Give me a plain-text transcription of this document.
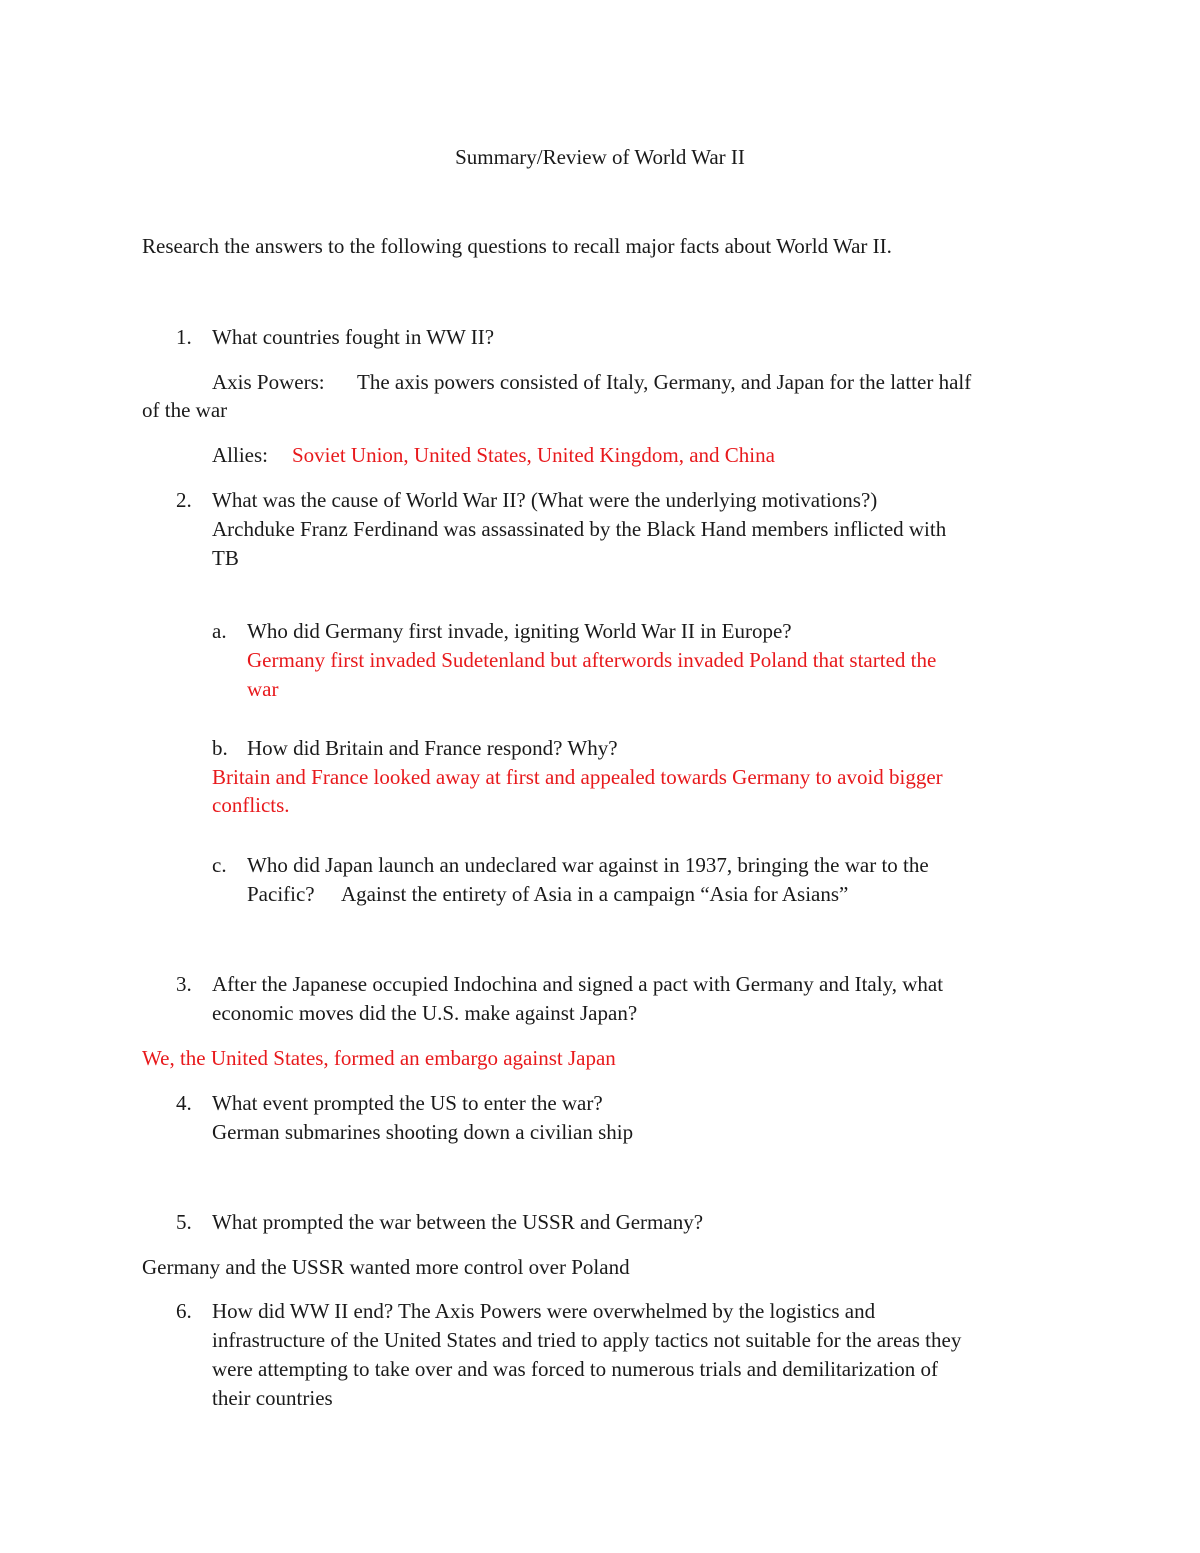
Summary/Review of World War II
Research the answers to the following questions to recall major facts about World War II.
1. What countries fought in WW II?
Axis Powers: The axis powers consisted of Italy, Germany, and Japan for the latter half
of the war
Allies: Soviet Union, United States, United Kingdom, and China
2. What was the cause of World War II? (What were the underlying motivations?)
Archduke Franz Ferdinand was assassinated by the Black Hand members inflicted with
TB
a. Who did Germany first invade, igniting World War II in Europe?
Germany first invaded Sudetenland but afterwords invaded Poland that started the
war
b. How did Britain and France respond? Why?
Britain and France looked away at first and appealed towards Germany to avoid bigger
conflicts.
c. Who did Japan launch an undeclared war against in 1937, bringing the war to the
Pacific? Against the entirety of Asia in a campaign “Asia for Asians”
3. After the Japanese occupied Indochina and signed a pact with Germany and Italy, what
economic moves did the U.S. make against Japan?
We, the United States, formed an embargo against Japan
4. What event prompted the US to enter the war?
German submarines shooting down a civilian ship
5. What prompted the war between the USSR and Germany?
Germany and the USSR wanted more control over Poland
6. How did WW II end? The Axis Powers were overwhelmed by the logistics and
infrastructure of the United States and tried to apply tactics not suitable for the areas they
were attempting to take over and was forced to numerous trials and demilitarization of
their countries
